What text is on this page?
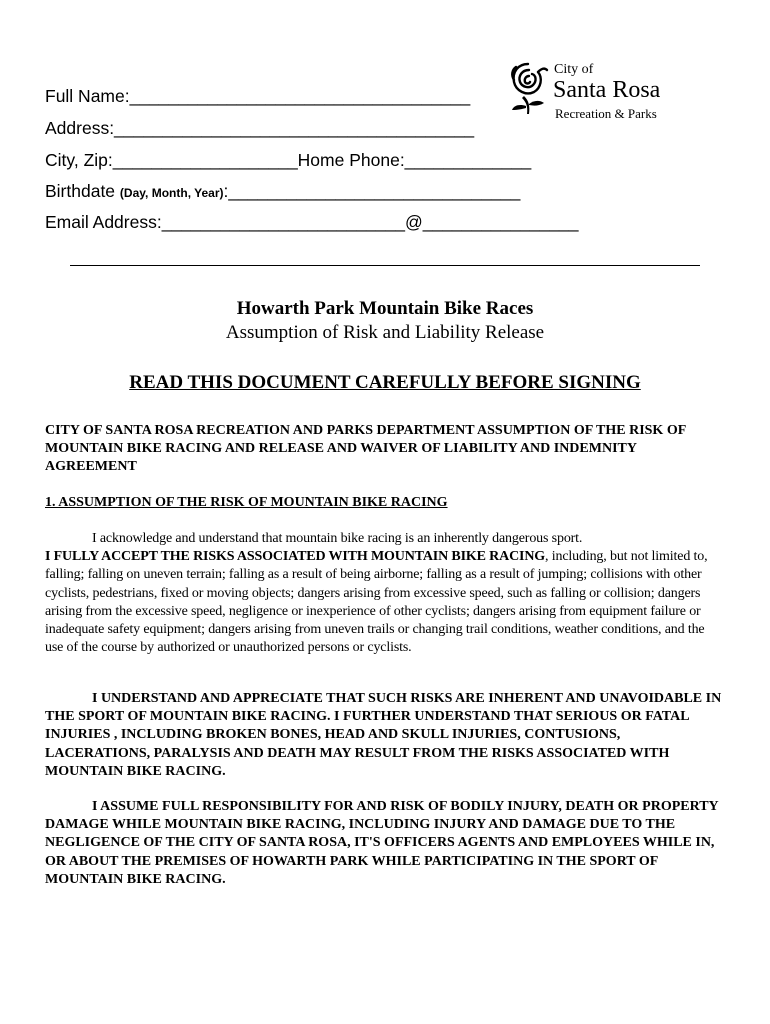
Full Name:___________________________________
Address:_____________________________________
City, Zip:___________________Home Phone:_____________
Birthdate (Day, Month, Year):______________________________
Email Address:_________________________@________________
City of
Santa Rosa
Recreation & Parks
Howarth Park Mountain Bike Races
Assumption of Risk and Liability Release
READ THIS DOCUMENT CAREFULLY BEFORE SIGNING
CITY OF SANTA ROSA RECREATION AND PARKS DEPARTMENT ASSUMPTION OF THE RISK OF MOUNTAIN BIKE RACING AND RELEASE AND WAIVER OF LIABILITY AND INDEMNITY AGREEMENT
1. ASSUMPTION OF THE RISK OF MOUNTAIN BIKE RACING
I acknowledge and understand that mountain bike racing is an inherently dangerous sport.
I FULLY ACCEPT THE RISKS ASSOCIATED WITH MOUNTAIN BIKE RACING, including, but not limited to, falling; falling on uneven terrain; falling as a result of being airborne; falling as a result of jumping; collisions with other cyclists, pedestrians, fixed or moving objects; dangers arising from excessive speed, such as falling or collision; dangers arising from the excessive speed, negligence or inexperience of other cyclists; dangers arising from equipment failure or inadequate safety equipment; dangers arising from uneven trails or changing trail conditions, weather conditions, and the use of the course by authorized or unauthorized persons or cyclists.
I UNDERSTAND AND APPRECIATE THAT SUCH RISKS ARE INHERENT AND UNAVOIDABLE IN THE SPORT OF MOUNTAIN BIKE RACING. I FURTHER UNDERSTAND THAT SERIOUS OR FATAL INJURIES , INCLUDING BROKEN BONES, HEAD AND SKULL INJURIES, CONTUSIONS, LACERATIONS, PARALYSIS AND DEATH MAY RESULT FROM THE RISKS ASSOCIATED WITH MOUNTAIN BIKE RACING.
I ASSUME FULL RESPONSIBILITY FOR AND RISK OF BODILY INJURY, DEATH OR PROPERTY DAMAGE WHILE MOUNTAIN BIKE RACING, INCLUDING INJURY AND DAMAGE DUE TO THE NEGLIGENCE OF THE CITY OF SANTA ROSA, IT'S OFFICERS AGENTS AND EMPLOYEES WHILE IN, OR ABOUT THE PREMISES OF HOWARTH PARK WHILE PARTICIPATING IN THE SPORT OF MOUNTAIN BIKE RACING.
